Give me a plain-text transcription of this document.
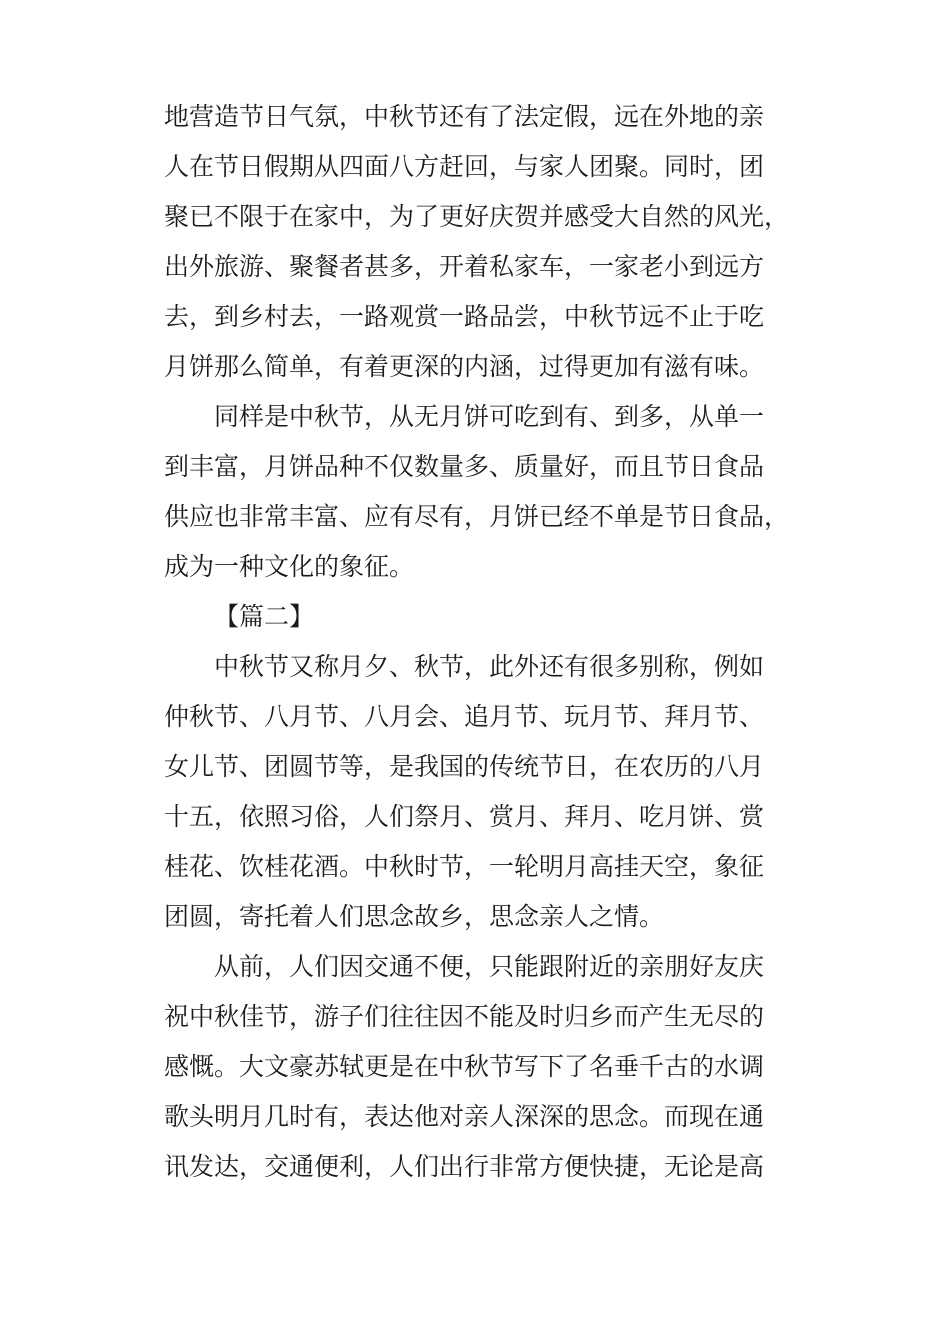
地营造节日气氛，中秋节还有了法定假，远在外地的亲
人在节日假期从四面八方赶回，与家人团聚。同时，团
聚已不限于在家中，为了更好庆贺并感受大自然的风光，
出外旅游、聚餐者甚多，开着私家车，一家老小到远方
去，到乡村去，一路观赏一路品尝，中秋节远不止于吃
月饼那么简单，有着更深的内涵，过得更加有滋有味。
同样是中秋节，从无月饼可吃到有、到多，从单一
到丰富，月饼品种不仅数量多、质量好，而且节日食品
供应也非常丰富、应有尽有，月饼已经不单是节日食品，
成为一种文化的象征。
【篇二】
中秋节又称月夕、秋节，此外还有很多别称，例如
仲秋节、八月节、八月会、追月节、玩月节、拜月节、
女儿节、团圆节等，是我国的传统节日，在农历的八月
十五，依照习俗，人们祭月、赏月、拜月、吃月饼、赏
桂花、饮桂花酒。中秋时节，一轮明月高挂天空，象征
团圆，寄托着人们思念故乡，思念亲人之情。
从前，人们因交通不便，只能跟附近的亲朋好友庆
祝中秋佳节，游子们往往因不能及时归乡而产生无尽的
感慨。大文豪苏轼更是在中秋节写下了名垂千古的水调
歌头明月几时有，表达他对亲人深深的思念。而现在通
讯发达，交通便利，人们出行非常方便快捷，无论是高
